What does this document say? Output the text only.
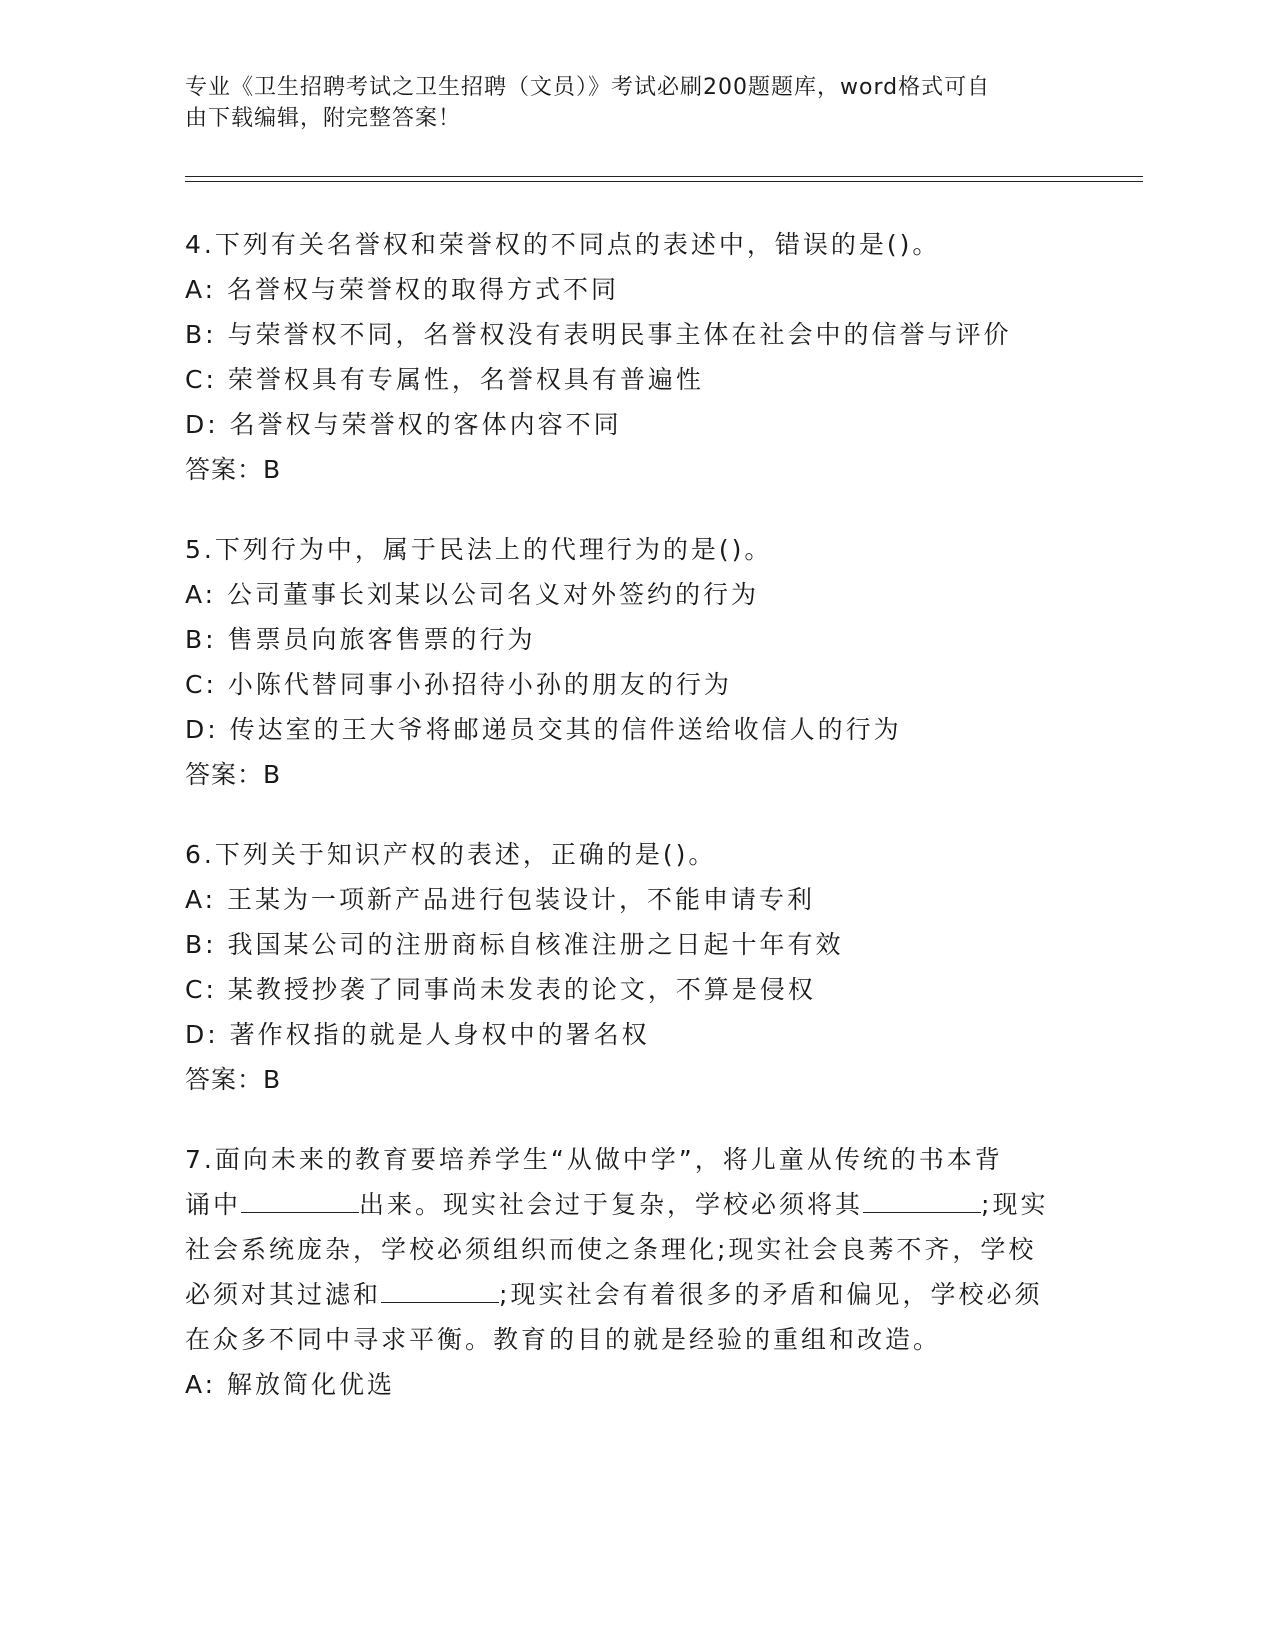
专业《卫生招聘考试之卫生招聘（文员）》考试必刷200题题库，word格式可自
由下载编辑，附完整答案！
4.下列有关名誉权和荣誉权的不同点的表述中，错误的是()。
A: 名誉权与荣誉权的取得方式不同
B: 与荣誉权不同，名誉权没有表明民事主体在社会中的信誉与评价
C: 荣誉权具有专属性，名誉权具有普遍性
D: 名誉权与荣誉权的客体内容不同
答案：B
5.下列行为中，属于民法上的代理行为的是()。
A: 公司董事长刘某以公司名义对外签约的行为
B: 售票员向旅客售票的行为
C: 小陈代替同事小孙招待小孙的朋友的行为
D: 传达室的王大爷将邮递员交其的信件送给收信人的行为
答案：B
6.下列关于知识产权的表述，正确的是()。
A: 王某为一项新产品进行包装设计，不能申请专利
B: 我国某公司的注册商标自核准注册之日起十年有效
C: 某教授抄袭了同事尚未发表的论文，不算是侵权
D: 著作权指的就是人身权中的署名权
答案：B
7.面向未来的教育要培养学生“从做中学”，将儿童从传统的书本背
诵中	出来。现实社会过于复杂，学校必须将其	;现实
社会系统庞杂，学校必须组织而使之条理化;现实社会良莠不齐，学校
必须对其过滤和	;现实社会有着很多的矛盾和偏见，学校必须
在众多不同中寻求平衡。教育的目的就是经验的重组和改造。
A: 解放简化优选
